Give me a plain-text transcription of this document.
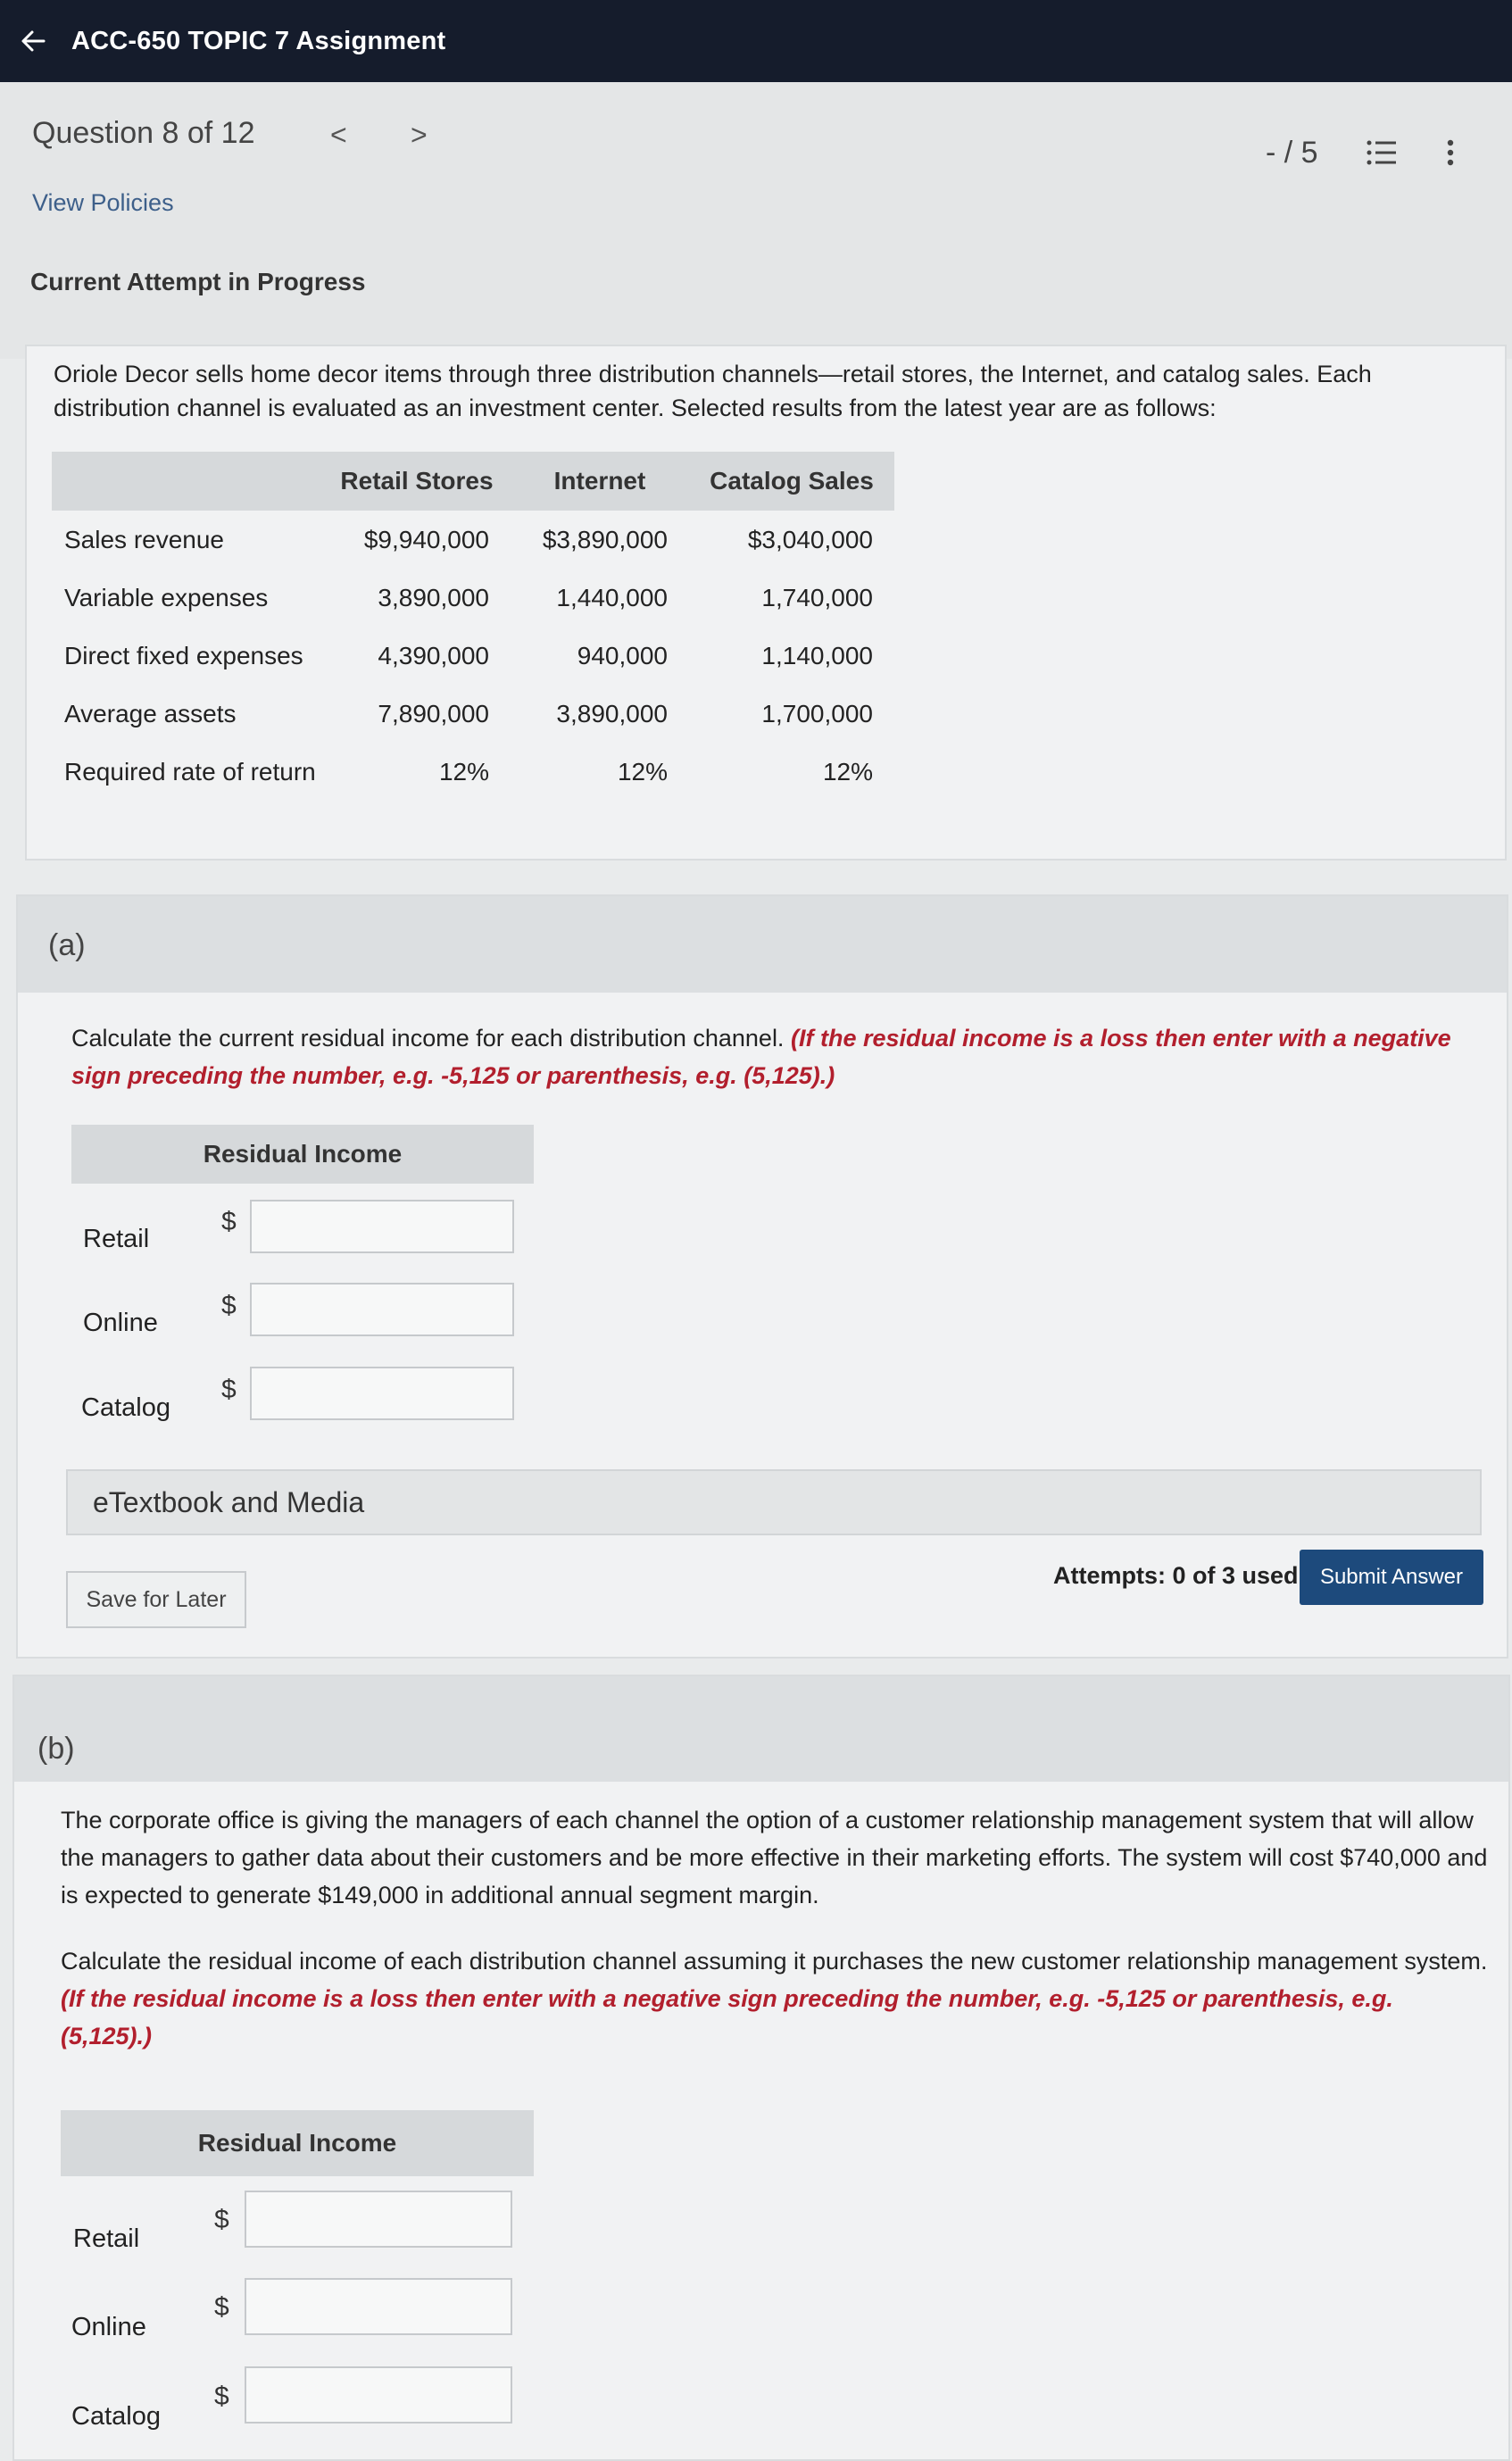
ACC-650 TOPIC 7 Assignment
Question 8 of 12	< >
- / 5
View Policies
Current Attempt in Progress
Oriole Decor sells home decor items through three distribution channels—retail stores, the Internet, and catalog sales. Each distribution channel is evaluated as an investment center. Selected results from the latest year are as follows:
	Retail Stores	Internet	Catalog Sales
Sales revenue	$9,940,000	$3,890,000	$3,040,000
Variable expenses	3,890,000	1,440,000	1,740,000
Direct fixed expenses	4,390,000	940,000	1,140,000
Average assets	7,890,000	3,890,000	1,700,000
Required rate of return	12%	12%	12%
(a)
Calculate the current residual income for each distribution channel. (If the residual income is a loss then enter with a negative sign preceding the number, e.g. -5,125 or parenthesis, e.g. (5,125).)
Residual Income
Retail
$
Online
$
Catalog
$
eTextbook and Media
Save for Later
Attempts: 0 of 3 used	Submit Answer
(b)
The corporate office is giving the managers of each channel the option of a customer relationship management system that will allow the managers to gather data about their customers and be more effective in their marketing efforts. The system will cost $740,000 and is expected to generate $149,000 in additional annual segment margin.
Calculate the residual income of each distribution channel assuming it purchases the new customer relationship management system. (If the residual income is a loss then enter with a negative sign preceding the number, e.g. -5,125 or parenthesis, e.g. (5,125).)
Residual Income
Retail
$
Online
$
Catalog
$
